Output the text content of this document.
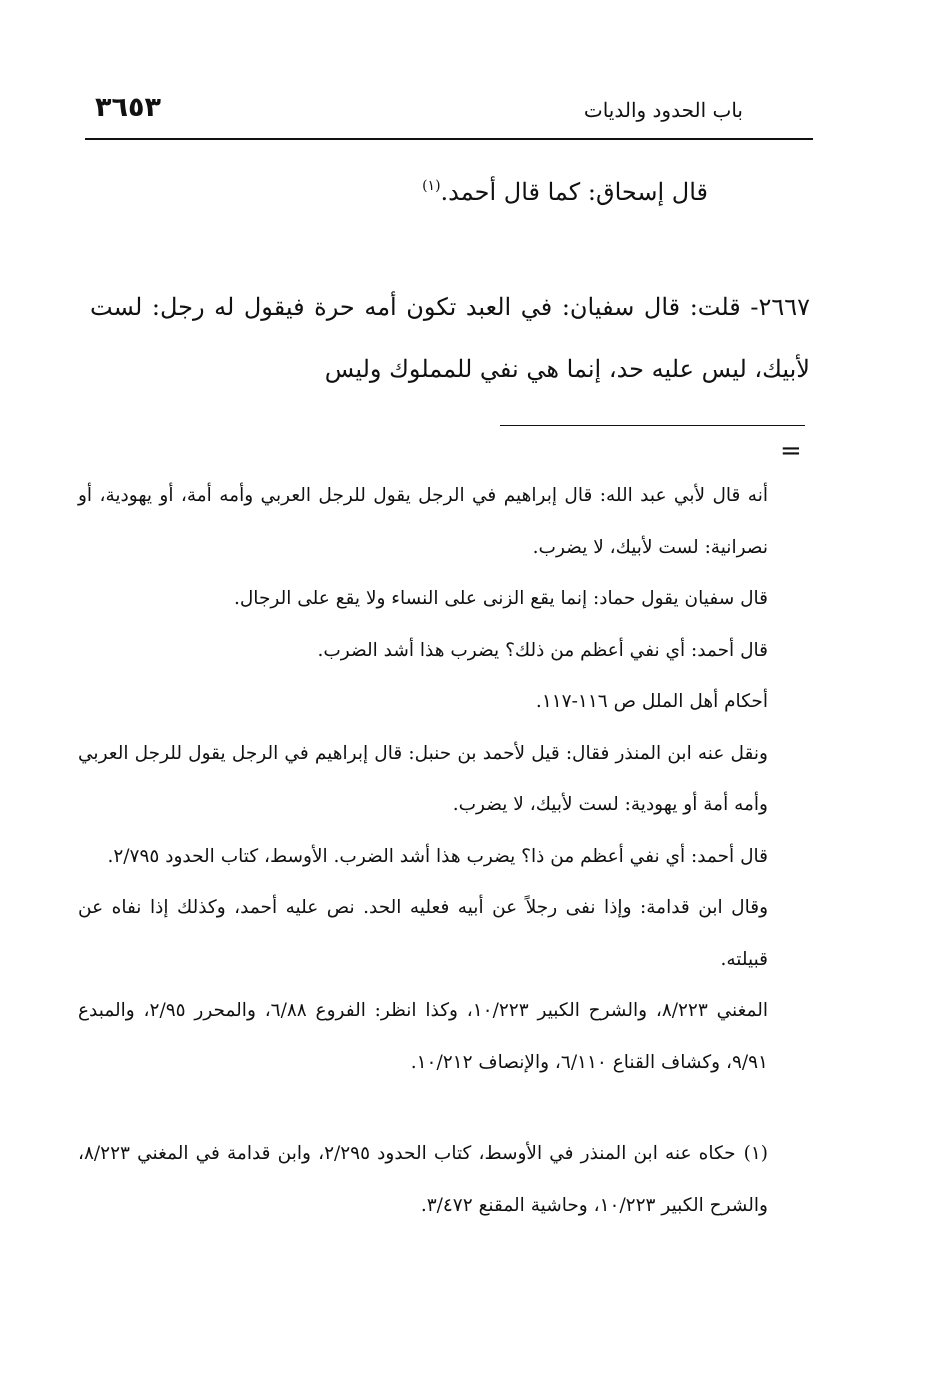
٣٦٥٣	باب الحدود والديات
قال إسحاق: كما قال أحمد.$^{(١)}$
٢٦٦٧- قلت: قال سفيان: في العبد تكون أمه حرة فيقول له رجل: لست لأبيك، ليس عليه حد، إنما هي نفي للمملوك وليس
=

أنه قال لأبي عبد الله: قال إبراهيم في الرجل يقول للرجل العربي وأمه أمة، أو يهودية، أو نصرانية: لست لأبيك، لا يضرب.

قال سفيان يقول حماد: إنما يقع الزنى على النساء ولا يقع على الرجال.

قال أحمد: أي نفي أعظم من ذلك؟ يضرب هذا أشد الضرب.

أحكام أهل الملل ص ١١٦-١١٧.

ونقل عنه ابن المنذر فقال: قيل لأحمد بن حنبل: قال إبراهيم في الرجل يقول للرجل العربي وأمه أمة أو يهودية: لست لأبيك، لا يضرب.

قال أحمد: أي نفي أعظم من ذا؟ يضرب هذا أشد الضرب. الأوسط، كتاب الحدود ٢/٧٩٥.

وقال ابن قدامة: وإذا نفى رجلاً عن أبيه فعليه الحد. نص عليه أحمد، وكذلك إذا نفاه عن قبيلته.

المغني ٨/٢٢٣، والشرح الكبير ١٠/٢٢٣، وكذا انظر: الفروع ٦/٨٨، والمحرر ٢/٩٥، والمبدع ٩/٩١، وكشاف القناع ٦/١١٠، والإنصاف ١٠/٢١٢.

(١)حكاه عنه ابن المنذر في الأوسط، كتاب الحدود ٢/٢٩٥، وابن قدامة في المغني ٨/٢٢٣، والشرح الكبير ١٠/٢٢٣، وحاشية المقنع ٣/٤٧٢.
